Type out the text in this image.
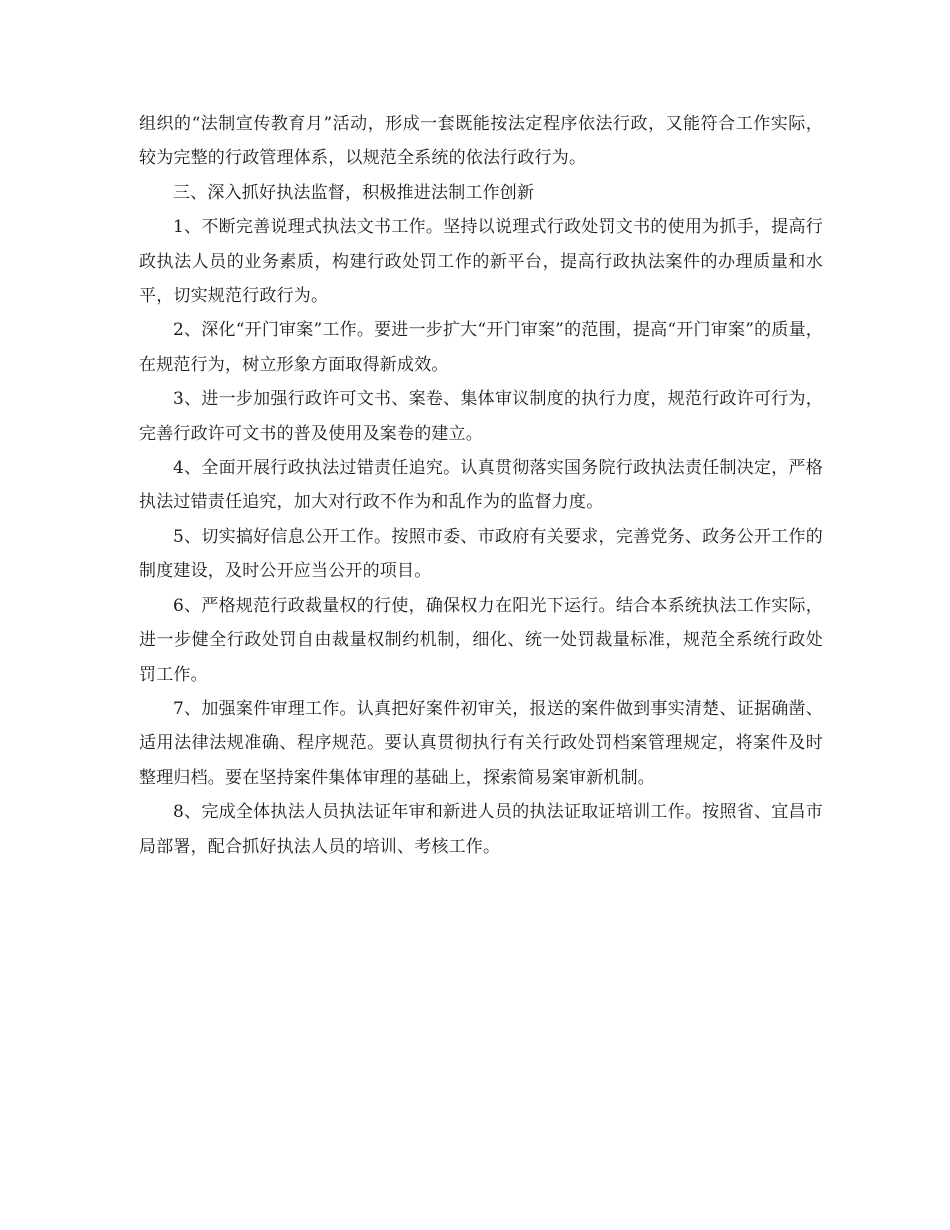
组织的“法制宣传教育月”活动，形成一套既能按法定程序依法行政，又能符合工作实际，较为完整的行政管理体系，以规范全系统的依法行政行为。

三、深入抓好执法监督，积极推进法制工作创新

1、不断完善说理式执法文书工作。坚持以说理式行政处罚文书的使用为抓手，提高行政执法人员的业务素质，构建行政处罚工作的新平台，提高行政执法案件的办理质量和水平，切实规范行政行为。

2、深化“开门审案”工作。要进一步扩大“开门审案”的范围，提高“开门审案”的质量，在规范行为，树立形象方面取得新成效。

3、进一步加强行政许可文书、案卷、集体审议制度的执行力度，规范行政许可行为，完善行政许可文书的普及使用及案卷的建立。

4、全面开展行政执法过错责任追究。认真贯彻落实国务院行政执法责任制决定，严格执法过错责任追究，加大对行政不作为和乱作为的监督力度。

5、切实搞好信息公开工作。按照市委、市政府有关要求，完善党务、政务公开工作的制度建设，及时公开应当公开的项目。

6、严格规范行政裁量权的行使，确保权力在阳光下运行。结合本系统执法工作实际，进一步健全行政处罚自由裁量权制约机制，细化、统一处罚裁量标准，规范全系统行政处罚工作。

7、加强案件审理工作。认真把好案件初审关，报送的案件做到事实清楚、证据确凿、适用法律法规准确、程序规范。要认真贯彻执行有关行政处罚档案管理规定，将案件及时整理归档。要在坚持案件集体审理的基础上，探索简易案审新机制。

8、完成全体执法人员执法证年审和新进人员的执法证取证培训工作。按照省、宜昌市局部署，配合抓好执法人员的培训、考核工作。
